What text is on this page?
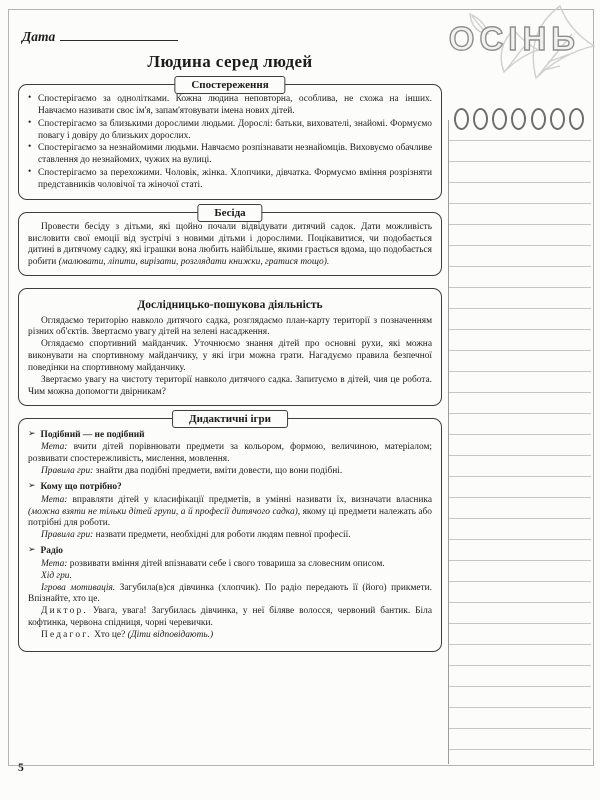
Дата	ОСІНЬ
Людина серед людей
Спостереження
• Спостерігаємо за однолітками. Кожна людина неповторна, особлива, не схожа на інших. Навчаємо називати своє ім'я, запам'ятовувати імена нових дітей.
• Спостерігаємо за близькими дорослими людьми. Дорослі: батьки, вихователі, знайомі. Формуємо повагу і довіру до близьких дорослих.
• Спостерігаємо за незнайомими людьми. Навчаємо розпізнавати незнайомців. Виховуємо обачливе ставлення до незнайомих, чужих на вулиці.
• Спостерігаємо за перехожими. Чоловік, жінка. Хлопчики, дівчатка. Формуємо вміння розрізняти представників чоловічої та жіночої статі.
Бесіда

Провести бесіду з дітьми, які щойно почали відвідувати дитячий садок. Дати можливість висловити свої емоції від зустрічі з новими дітьми і дорослими. Поцікавитися, чи подобається дитині в дитячому садку, які іграшки вона любить найбільше, якими грається вдома, що подобається робити (малювати, ліпити, вирізати, розглядати книжки, гратися тощо).

Дослідницько-пошукова діяльність

Оглядаємо територію навколо дитячого садка, розглядаємо план-карту території з позначенням різних об'єктів. Звертаємо увагу дітей на зелені насадження.

Оглядаємо спортивний майданчик. Уточнюємо знання дітей про основні рухи, які можна виконувати на спортивному майданчику, у які ігри можна грати. Нагадуємо правила безпечної поведінки на спортивному майданчику.

Звертаємо увагу на чистоту території навколо дитячого садка. Запитуємо в дітей, чия це робота. Чим можна допомогти двірникам?

Дидактичні ігри
➢ Подібний — не подібний

Мета: вчити дітей порівнювати предмети за кольором, формою, величиною, матеріалом; розвивати спостережливість, мислення, мовлення.

Правила гри: знайти два подібні предмети, вміти довести, що вони подібні.

➢ Кому що потрібно?

Мета: вправляти дітей у класифікації предметів, в умінні називати їх, визначати власника (можна взяти не тільки дітей групи, а й професії дитячого садка), якому ці предмети належать або потрібні для роботи.

Правила гри: назвати предмети, необхідні для роботи людям певної професії.

➢ Радіо

Мета: розвивати вміння дітей впізнавати себе і свого товариша за словесним описом.

Хід гри.

Ігрова мотивація. Загубила(в)ся дівчинка (хлопчик). По радіо передають її (його) прикмети. Впізнайте, хто це.

Диктор. Увага, увага! Загубилась дівчинка, у неї біляве волосся, червоний бантик. Біла кофтинка, червона спідниця, чорні черевички.

Педагог. Хто це? (Діти відповідають.)

5
